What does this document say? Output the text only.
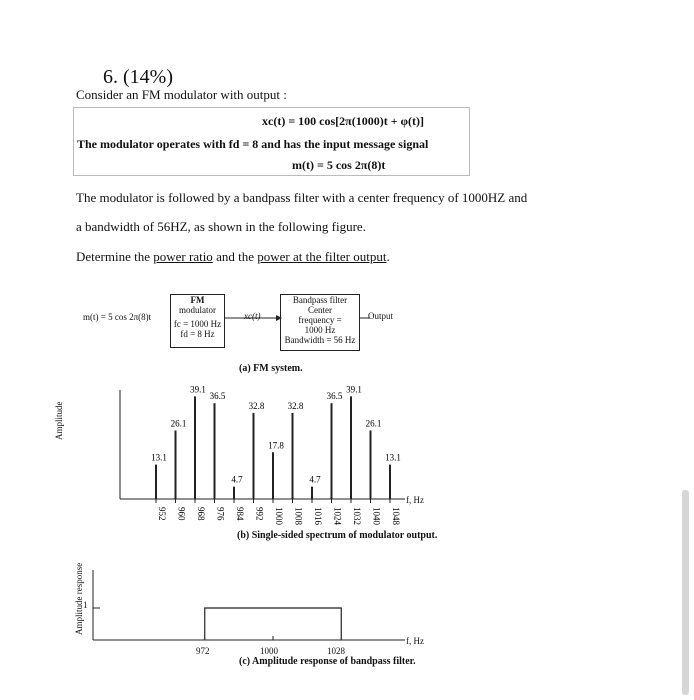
6. (14%)
Consider an FM modulator with output :
xc(t) = 100 cos[2π(1000)t + φ(t)]
The modulator operates with fd = 8 and has the input message signal
m(t) = 5 cos 2π(8)t
The modulator is followed by a bandpass filter with a center frequency of 1000HZ and
a bandwidth of 56HZ, as shown in the following figure.
Determine the power ratio and the power at the filter output.
m(t) = 5 cos 2π(8)t
FM
modulator
fc = 1000 Hz
fd = 8 Hz
xc(t)
Bandpass filter
Center
frequency =
1000 Hz
Bandwidth = 56 Hz
Output
(a) FM system.
13.1
952
26.1
960
39.1
968
36.5
976
4.7
984
32.8
992
17.8
1000
32.8
1008
4.7
1016
36.5
1024
39.1
1032
26.1
1040
13.1
1048
Amplitude
f, Hz
(b) Single-sided spectrum of modulator output.
Amplitude response 1
972	1000	1028
f, Hz
(c) Amplitude response of bandpass filter.
